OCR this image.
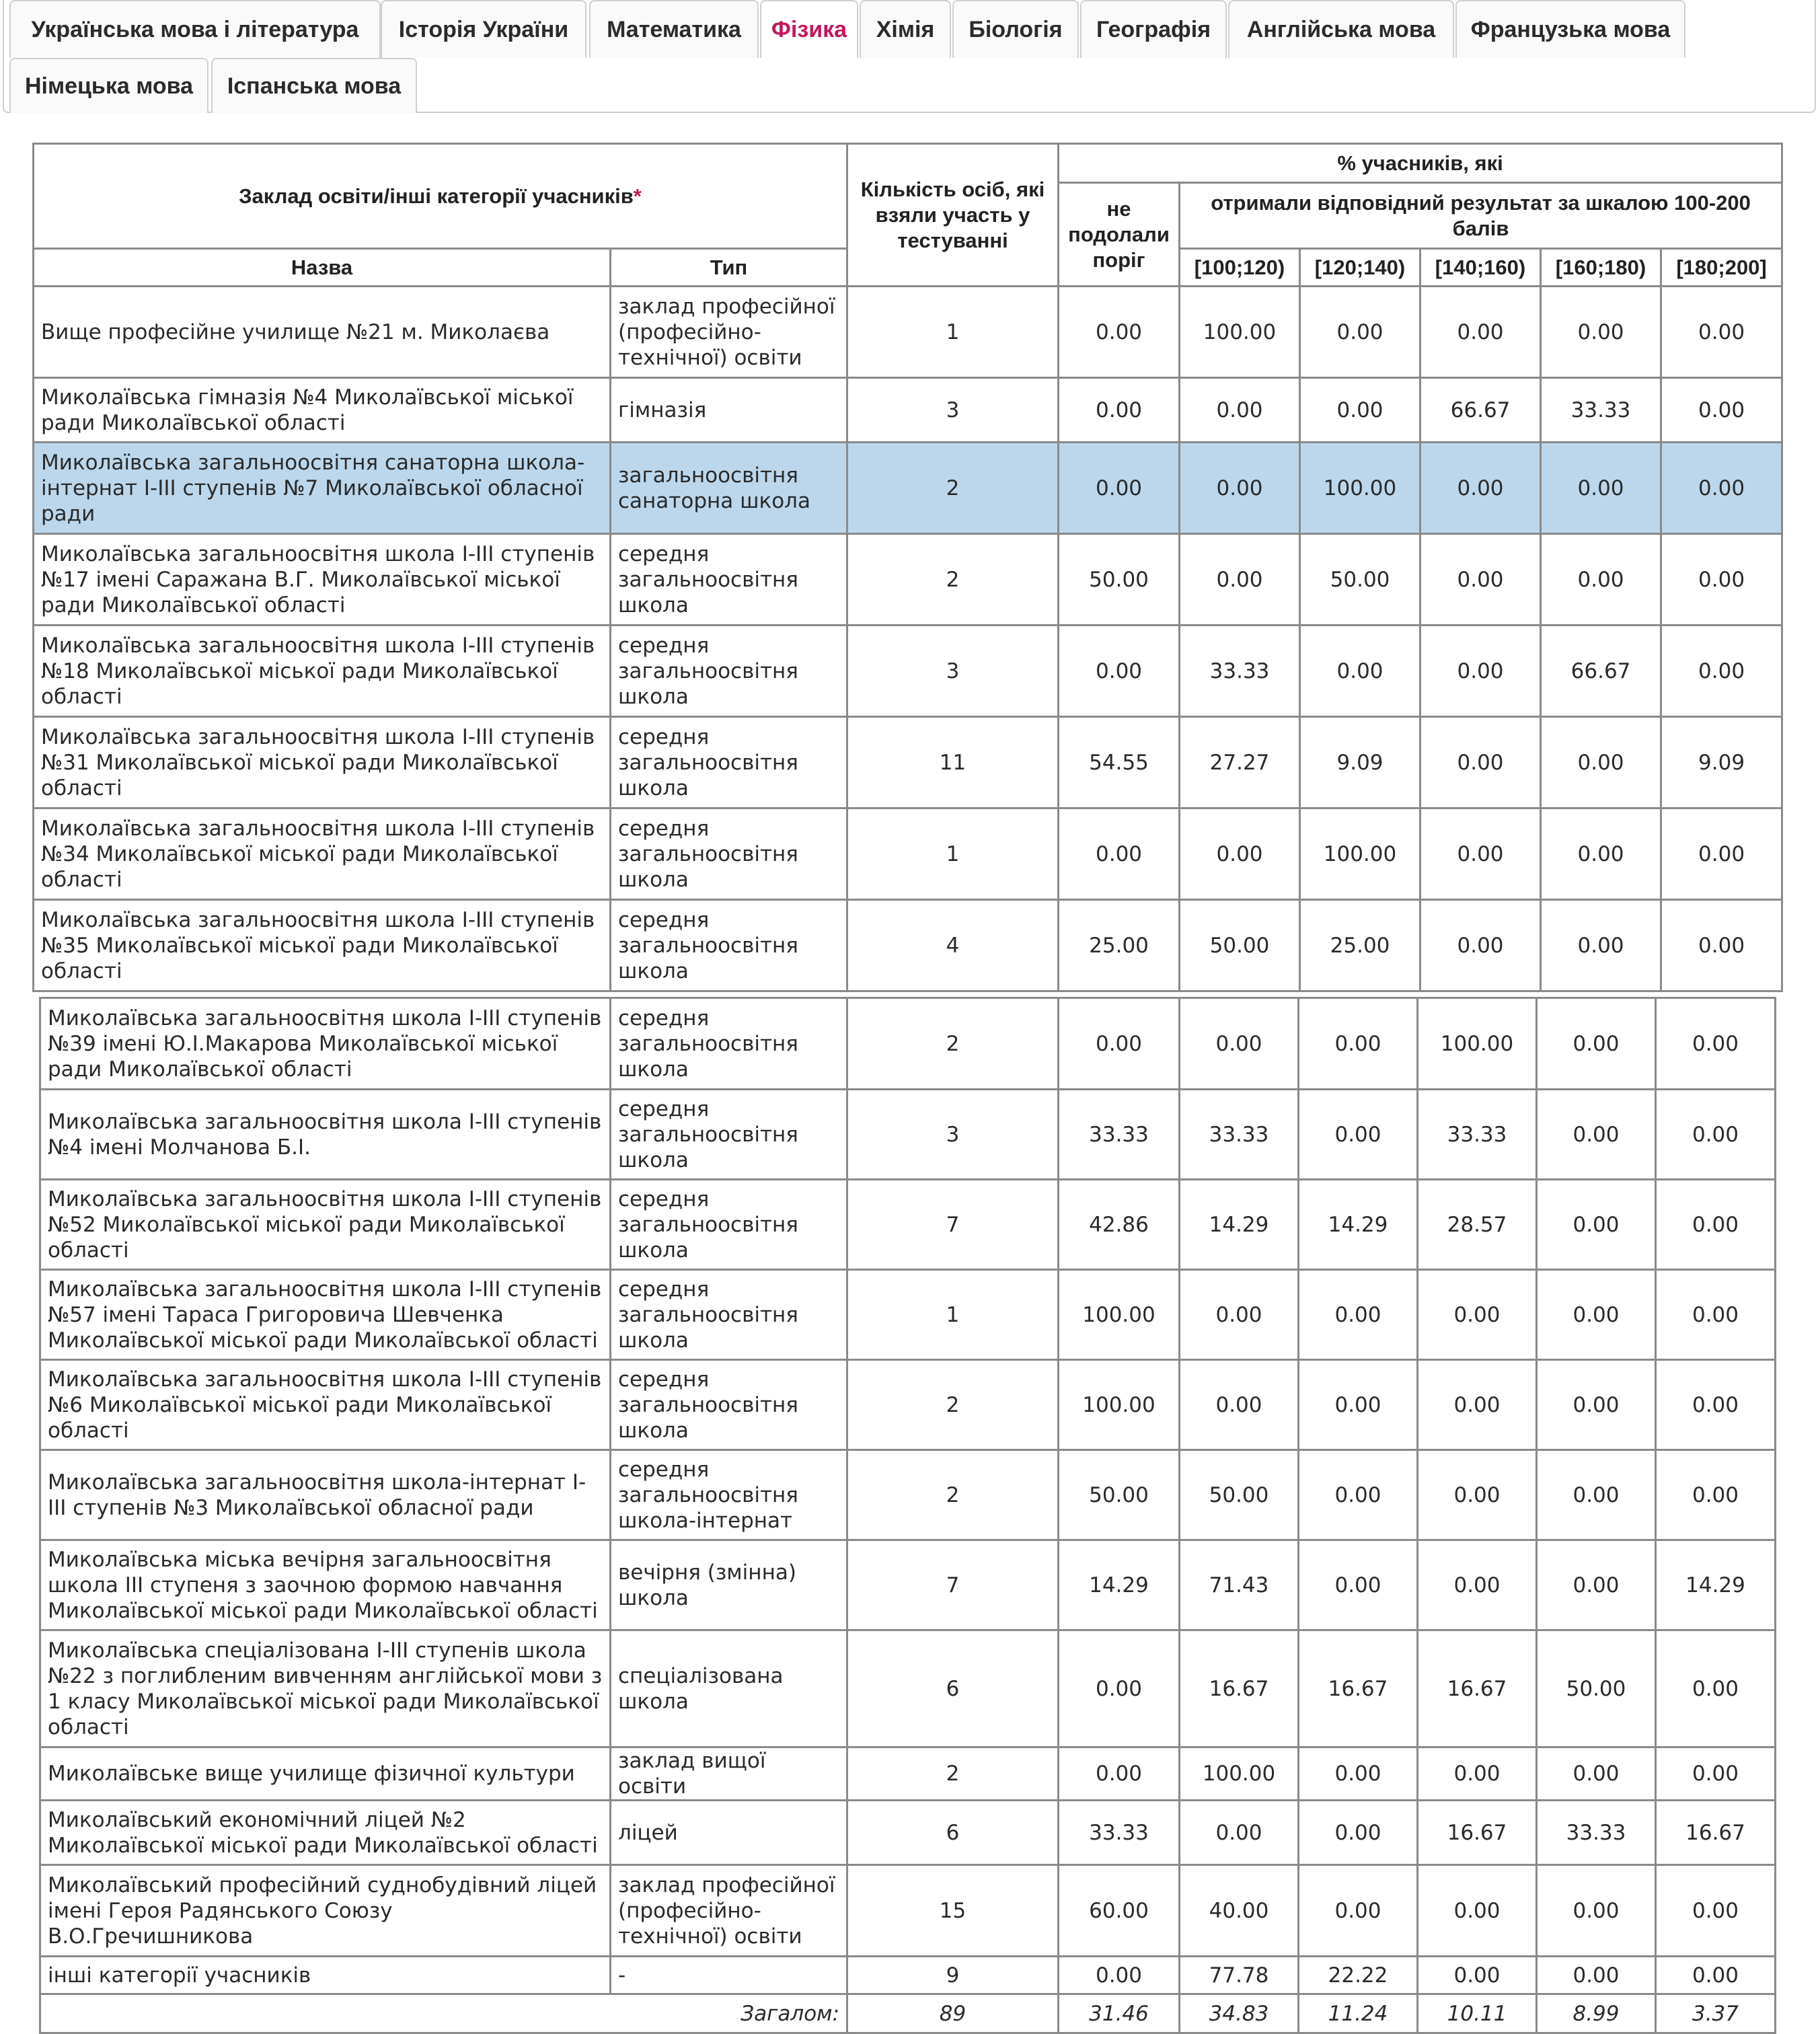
Українська мова і література	Історія України	Математика	Фізика	Хімія	Біологія	Географія	Англійська мова	Французька мова
Німецька мова	Іспанська мова
Заклад освіти/інші категорії учасників*		Кількість осіб, які взяли участь у тестуванні	% учасників, які					
			не подолали поріг	отримали відповідний результат за шкалою 100-200 балів				
Назва	Тип			[100;120)	[120;140)	[140;160)	[160;180)	[180;200]
Вище професійне училище №21 м. Миколаєва	заклад професійної (професійно-технічної) освіти	1	0.00	100.00	0.00	0.00	0.00	0.00
Миколаївська гімназія №4 Миколаївської міської ради Миколаївської області	гімназія	3	0.00	0.00	0.00	66.67	33.33	0.00
Миколаївська загальноосвітня санаторна школа-інтернат І-ІІІ ступенів №7 Миколаївської обласної ради	загальноосвітня санаторна школа	2	0.00	0.00	100.00	0.00	0.00	0.00
Миколаївська загальноосвітня школа І-ІІІ ступенів №17 імені Саражана В.Г. Миколаївської міської ради Миколаївської області	середня загальноосвітня школа	2	50.00	0.00	50.00	0.00	0.00	0.00
Миколаївська загальноосвітня школа І-ІІІ ступенів №18 Миколаївської міської ради Миколаївської області	середня загальноосвітня школа	3	0.00	33.33	0.00	0.00	66.67	0.00
Миколаївська загальноосвітня школа І-ІІІ ступенів №31 Миколаївської міської ради Миколаївської області	середня загальноосвітня школа	11	54.55	27.27	9.09	0.00	0.00	9.09
Миколаївська загальноосвітня школа І-ІІІ ступенів №34 Миколаївської міської ради Миколаївської області	середня загальноосвітня школа	1	0.00	0.00	100.00	0.00	0.00	0.00
Миколаївська загальноосвітня школа І-ІІІ ступенів №35 Миколаївської міської ради Миколаївської області	середня загальноосвітня школа	4	25.00	50.00	25.00	0.00	0.00	0.00
Миколаївська загальноосвітня школа І-ІІІ ступенів №39 імені Ю.І.Макарова Миколаївської міської ради Миколаївської області	середня загальноосвітня школа	2	0.00	0.00	0.00	100.00	0.00	0.00
Миколаївська загальноосвітня школа І-ІІІ ступенів №4 імені Молчанова Б.І.	середня загальноосвітня школа	3	33.33	33.33	0.00	33.33	0.00	0.00
Миколаївська загальноосвітня школа І-ІІІ ступенів №52 Миколаївської міської ради Миколаївської області	середня загальноосвітня школа	7	42.86	14.29	14.29	28.57	0.00	0.00
Миколаївська загальноосвітня школа І-ІІІ ступенів №57 імені Тараса Григоровича Шевченка Миколаївської міської ради Миколаївської області	середня загальноосвітня школа	1	100.00	0.00	0.00	0.00	0.00	0.00
Миколаївська загальноосвітня школа І-ІІІ ступенів №6 Миколаївської міської ради Миколаївської області	середня загальноосвітня школа	2	100.00	0.00	0.00	0.00	0.00	0.00
Миколаївська загальноосвітня школа-інтернат І-ІІІ ступенів №3 Миколаївської обласної ради	середня загальноосвітня школа-інтернат	2	50.00	50.00	0.00	0.00	0.00	0.00
Миколаївська міська вечірня загальноосвітня школа ІІІ ступеня з заочною формою навчання Миколаївської міської ради Миколаївської області	вечірня (змінна) школа	7	14.29	71.43	0.00	0.00	0.00	14.29
Миколаївська спеціалізована І-ІІІ ступенів школа №22 з поглибленим вивченням англійської мови з 1 класу Миколаївської міської ради Миколаївської області	спеціалізована школа	6	0.00	16.67	16.67	16.67	50.00	0.00
Миколаївське вище училище фізичної культури	заклад вищої освіти	2	0.00	100.00	0.00	0.00	0.00	0.00
Миколаївський економічний ліцей №2 Миколаївської міської ради Миколаївської області	ліцей	6	33.33	0.00	0.00	16.67	33.33	16.67
Миколаївський професійний суднобудівний ліцей імені Героя Радянського Союзу В.О.Гречишникова	заклад професійної (професійно-технічної) освіти	15	60.00	40.00	0.00	0.00	0.00	0.00
інші категорії учасників	-	9	0.00	77.78	22.22	0.00	0.00	0.00
Загалом:		89	31.46	34.83	11.24	10.11	8.99	3.37
